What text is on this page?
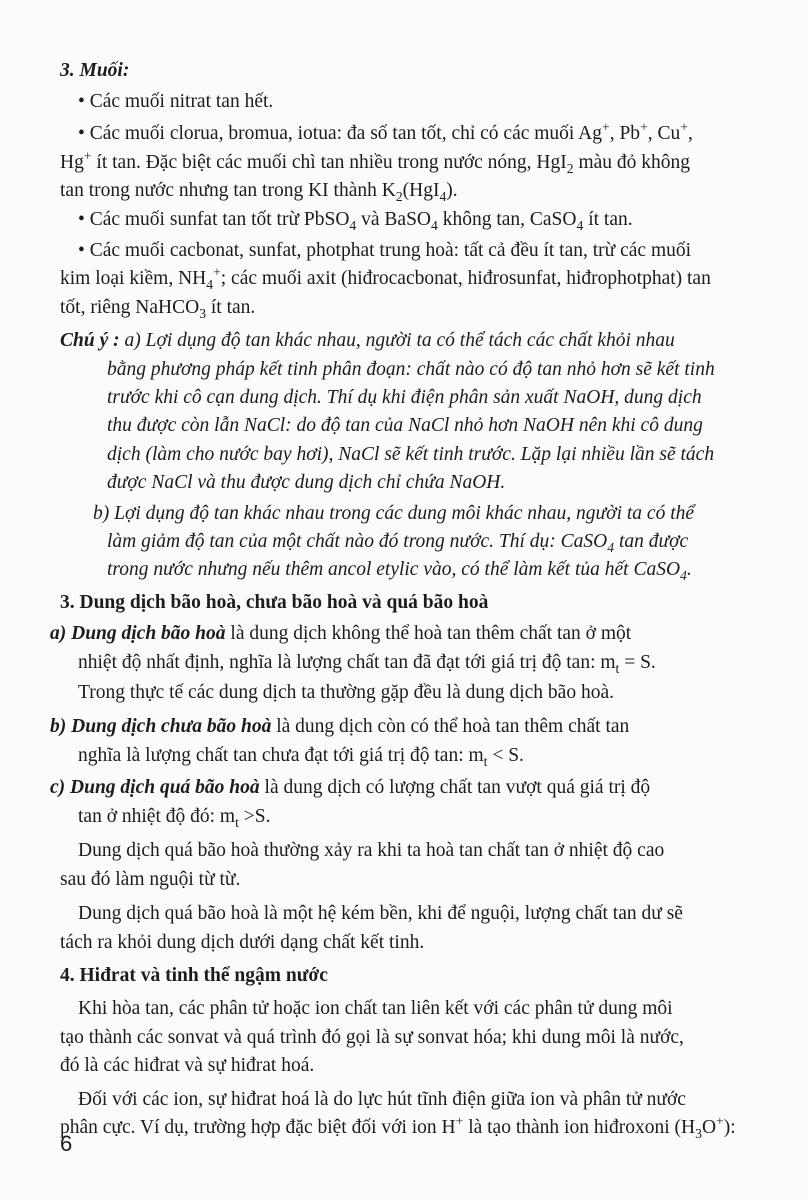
3. Muối:
• Các muối nitrat tan hết.
• Các muối clorua, bromua, iotua: đa số tan tốt, chỉ có các muối Ag+, Pb+, Cu+,
Hg+ ít tan. Đặc biệt các muối chì tan nhiều trong nước nóng, HgI$_2$ màu đỏ không
tan trong nước nhưng tan trong KI thành $K_2(HgI_4)$.
• Các muối sunfat tan tốt trừ PbSO$_4$ và BaSO$_4$ không tan, CaSO$_4$ ít tan.
• Các muối cacbonat, sunfat, photphat trung hoà: tất cả đều ít tan, trừ các muối
kim loại kiềm, $NH_4^+$; các muối axit (hiđrocacbonat, hiđrosunfat, hiđrophotphat) tan
tốt, riêng NaHCO$_3$ ít tan.
Chú ý : a) Lợi dụng độ tan khác nhau, người ta có thể tách các chất khỏi nhau
bằng phương pháp kết tinh phân đoạn: chất nào có độ tan nhỏ hơn sẽ kết tinh
trước khi cô cạn dung dịch. Thí dụ khi điện phân sản xuất NaOH, dung dịch
thu được còn lẫn NaCl: do độ tan của NaCl nhỏ hơn NaOH nên khi cô dung
dịch (làm cho nước bay hơi), NaCl sẽ kết tinh trước. Lặp lại nhiều lần sẽ tách
được NaCl và thu được dung dịch chỉ chứa NaOH.
b) Lợi dụng độ tan khác nhau trong các dung môi khác nhau, người ta có thể
làm giảm độ tan của một chất nào đó trong nước. Thí dụ: CaSO$_4$ tan được
trong nước nhưng nếu thêm ancol etylic vào, có thể làm kết tủa hết CaSO$_4$.
3. Dung dịch bão hoà, chưa bão hoà và quá bão hoà
a) Dung dịch bão hoà là dung dịch không thể hoà tan thêm chất tan ở một
nhiệt độ nhất định, nghĩa là lượng chất tan đã đạt tới giá trị độ tan: $m_t = S$.
Trong thực tế các dung dịch ta thường gặp đều là dung dịch bão hoà.
b) Dung dịch chưa bão hoà là dung dịch còn có thể hoà tan thêm chất tan
nghĩa là lượng chất tan chưa đạt tới giá trị độ tan: $m_t < S$.
c) Dung dịch quá bão hoà là dung dịch có lượng chất tan vượt quá giá trị độ
tan ở nhiệt độ đó: $m_t >S$.
Dung dịch quá bão hoà thường xảy ra khi ta hoà tan chất tan ở nhiệt độ cao
sau đó làm nguội từ từ.
Dung dịch quá bão hoà là một hệ kém bền, khi để nguội, lượng chất tan dư sẽ
tách ra khỏi dung dịch dưới dạng chất kết tinh.
4. Hiđrat và tinh thể ngậm nước
Khi hòa tan, các phân tử hoặc ion chất tan liên kết với các phân tử dung môi
tạo thành các sonvat và quá trình đó gọi là sự sonvat hóa; khi dung môi là nước,
đó là các hiđrat và sự hiđrat hoá.
Đối với các ion, sự hiđrat hoá là do lực hút tĩnh điện giữa ion và phân tử nước
phân cực. Ví dụ, trường hợp đặc biệt đối với ion H+ là tạo thành ion hiđroxoni $(H_3O^+)$:
6
